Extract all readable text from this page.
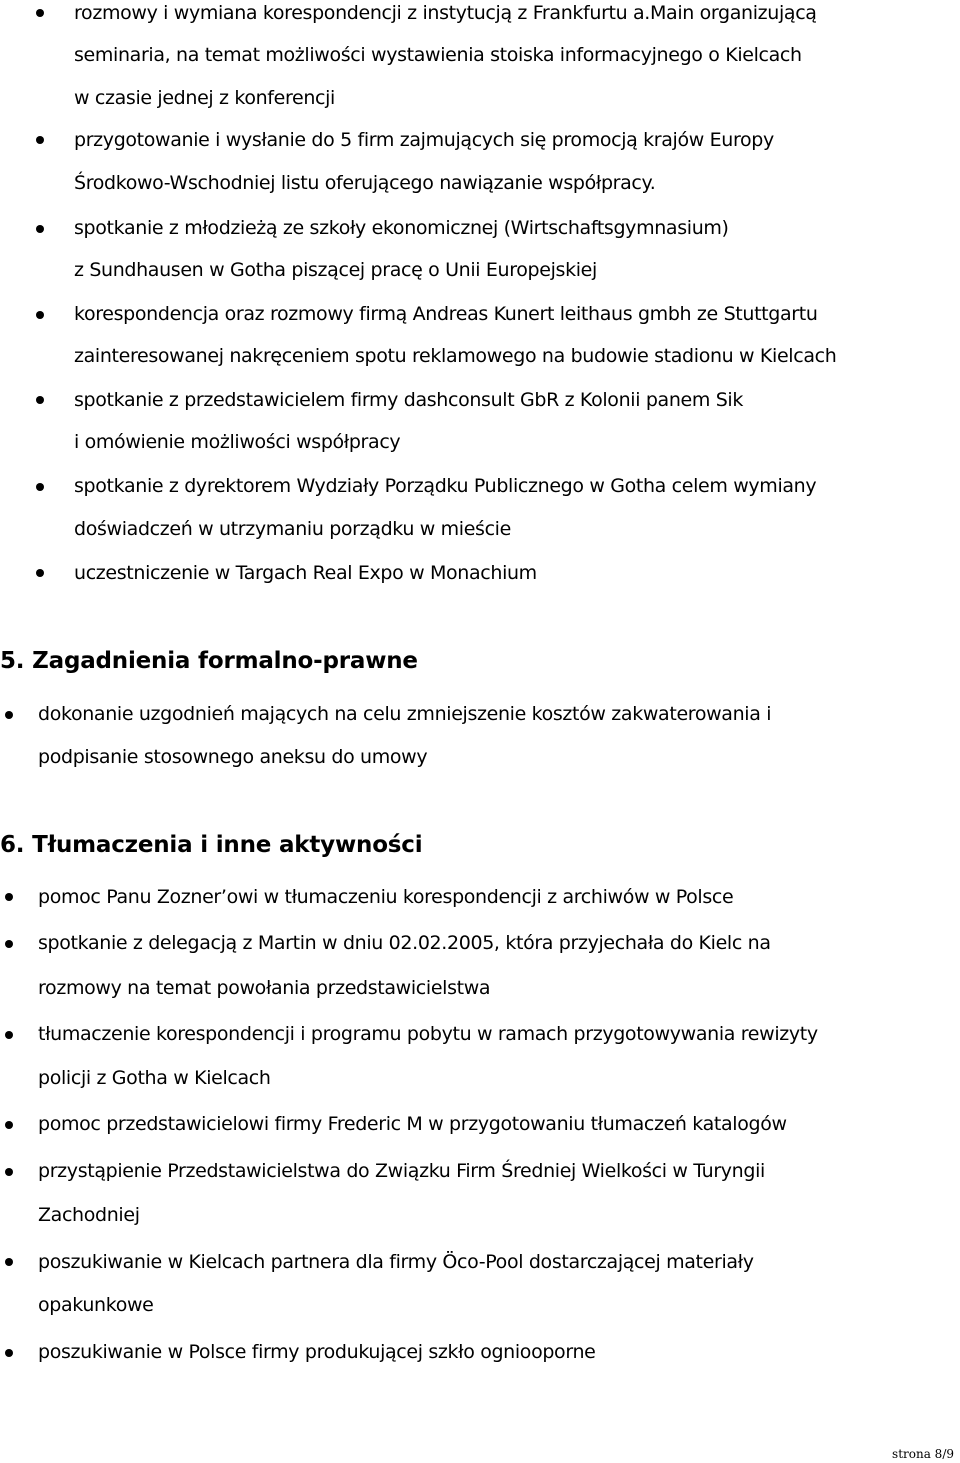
rozmowy i wymiana korespondencji z instytucją z Frankfurtu a.Main organizującą
seminaria, na temat możliwości wystawienia stoiska informacyjnego o Kielcach
w czasie jednej z konferencji
przygotowanie i wysłanie do 5 firm zajmujących się promocją krajów Europy
Środkowo-Wschodniej listu oferującego nawiązanie współpracy.
spotkanie z młodzieżą ze szkoły ekonomicznej (Wirtschaftsgymnasium)
z Sundhausen w Gotha piszącej pracę o Unii Europejskiej
korespondencja oraz rozmowy firmą Andreas Kunert leithaus gmbh ze Stuttgartu
zainteresowanej nakręceniem spotu reklamowego na budowie stadionu w Kielcach
spotkanie z przedstawicielem firmy dashconsult GbR z Kolonii panem Sik
i omówienie możliwości współpracy
spotkanie z dyrektorem Wydziały Porządku Publicznego w Gotha celem wymiany
doświadczeń w utrzymaniu porządku w mieście
uczestniczenie w Targach Real Expo w Monachium
5. Zagadnienia formalno-prawne
dokonanie uzgodnień mających na celu zmniejszenie kosztów zakwaterowania i
podpisanie stosownego aneksu do umowy
6. Tłumaczenia i inne aktywności
pomoc Panu Zozner’owi w tłumaczeniu korespondencji z archiwów w Polsce
spotkanie z delegacją z Martin w dniu 02.02.2005, która przyjechała do Kielc na
rozmowy na temat powołania przedstawicielstwa
tłumaczenie korespondencji i programu pobytu w ramach przygotowywania rewizyty
policji z Gotha w Kielcach
pomoc przedstawicielowi firmy Frederic M w przygotowaniu tłumaczeń katalogów
przystąpienie Przedstawicielstwa do Związku Firm Średniej Wielkości w Turyngii
Zachodniej
poszukiwanie w Kielcach partnera dla firmy Öco-Pool dostarczającej materiały
opakunkowe
poszukiwanie w Polsce firmy produkującej szkło ogniooporne
strona 8/9
